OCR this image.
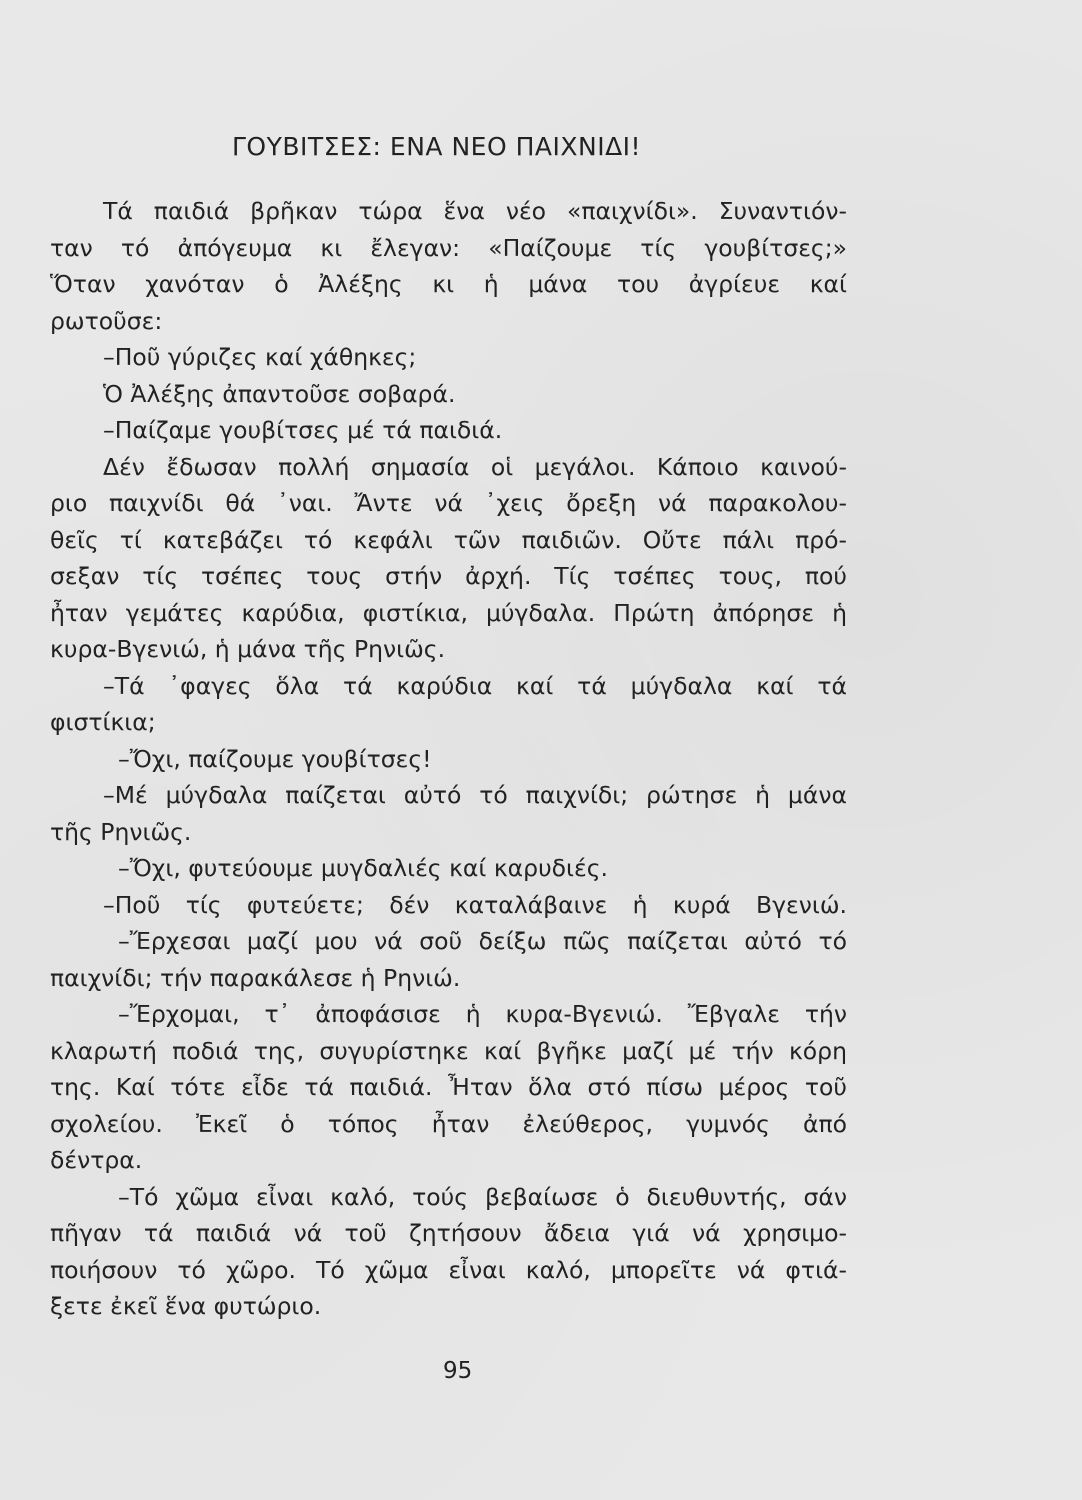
ΓΟΥΒΙΤΣΕΣ: ΕΝΑ ΝΕΟ ΠΑΙΧΝΙΔΙ!
Τά παιδιά βρῆκαν τώρα ἕνα νέο «παιχνίδι». Συναντιόν-
ταν τό ἀπόγευμα κι ἔλεγαν: «Παίζουμε τίς γουβίτσες;»
Ὅταν χανόταν ὁ Ἀλέξης κι ἡ μάνα του ἀγρίευε καί
ρωτοῦσε:
–Ποῦ γύριζες καί χάθηκες;
Ὁ Ἀλέξης ἀπαντοῦσε σοβαρά.
–Παίζαμε γουβίτσες μέ τά παιδιά.
Δέν ἔδωσαν πολλή σημασία οἱ μεγάλοι. Κάποιο καινού-
ριο παιχνίδι θά ᾽ναι. Ἄντε νά ᾽χεις ὄρεξη νά παρακολου-
θεῖς τί κατεβάζει τό κεφάλι τῶν παιδιῶν. Οὔτε πάλι πρό-
σεξαν τίς τσέπες τους στήν ἀρχή. Τίς τσέπες τους, πού
ἦταν γεμάτες καρύδια, φιστίκια, μύγδαλα. Πρώτη ἀπόρησε ἡ
κυρα-Βγενιώ, ἡ μάνα τῆς Ρηνιῶς.
–Τά ᾽φαγες ὅλα τά καρύδια καί τά μύγδαλα καί τά
φιστίκια;
–Ὄχι, παίζουμε γουβίτσες!
–Μέ μύγδαλα παίζεται αὐτό τό παιχνίδι; ρώτησε ἡ μάνα
τῆς Ρηνιῶς.
–Ὄχι, φυτεύουμε μυγδαλιές καί καρυδιές.
–Ποῦ τίς φυτεύετε; δέν καταλάβαινε ἡ κυρά Βγενιώ.
–Ἔρχεσαι μαζί μου νά σοῦ δείξω πῶς παίζεται αὐτό τό
παιχνίδι; τήν παρακάλεσε ἡ Ρηνιώ.
–Ἔρχομαι, τ᾽ ἀποφάσισε ἡ κυρα-Βγενιώ. Ἔβγαλε τήν
κλαρωτή ποδιά της, συγυρίστηκε καί βγῆκε μαζί μέ τήν κόρη
της. Καί τότε εἶδε τά παιδιά. Ἦταν ὅλα στό πίσω μέρος τοῦ
σχολείου. Ἐκεῖ ὁ τόπος ἦταν ἐλεύθερος, γυμνός ἀπό
δέντρα.
–Τό χῶμα εἶναι καλό, τούς βεβαίωσε ὁ διευθυντής, σάν
πῆγαν τά παιδιά νά τοῦ ζητήσουν ἄδεια γιά νά χρησιμο-
ποιήσουν τό χῶρο. Τό χῶμα εἶναι καλό, μπορεῖτε νά φτιά-
ξετε ἐκεῖ ἕνα φυτώριο.
95
